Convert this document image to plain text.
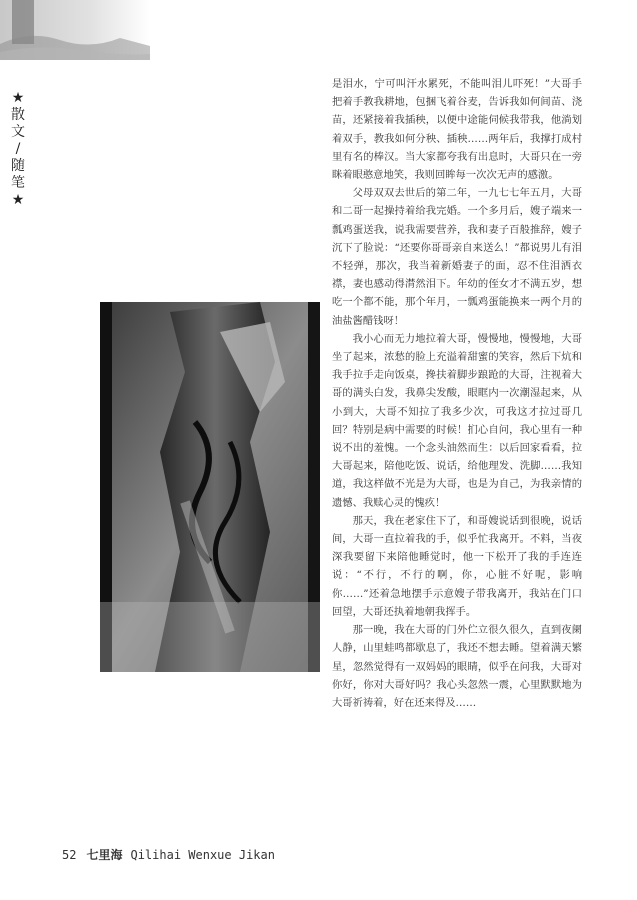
★
散
文
/
随
笔
★

是泪水，宁可叫汗水累死，不能叫泪儿吓死！”大哥手把着手教我耕地，包捆飞着谷麦，告诉我如何间苗、浇苗，还紧接着我插秧，以便中途能伺候我带我，他淌划着双手，教我如何分秧、插秧……两年后，我撑打成村里有名的棒汉。当大家都夸我有出息时，大哥只在一旁眯着眼憨意地笑，我则回眸每一次次无声的感激。

父母双双去世后的第二年，一九七七年五月，大哥和二哥一起操持着给我完婚。一个多月后，嫂子端来一瓢鸡蛋送我，说我需要营养，我和妻子百般推辞，嫂子沉下了脸说：“还要你哥哥亲自来送么！”都说男儿有泪不轻弹，那次，我当着新婚妻子的面，忍不住泪洒衣襟，妻也感动得潸然泪下。年幼的侄女才不满五岁，想吃一个都不能，那个年月，一瓢鸡蛋能换来一两个月的油盐酱醋钱呀！

我小心而无力地拉着大哥，慢慢地，慢慢地，大哥坐了起来，浓愁的脸上充溢着甜蜜的笑容，然后下炕和我手拉手走向饭桌，搀扶着脚步踉跄的大哥，注视着大哥的满头白发，我鼻尖发酸，眼眶内一次潮湿起来，从小到大，大哥不知拉了我多少次，可我这才拉过哥几回？特别是病中需要的时候！扪心自问，我心里有一种说不出的羞愧。一个念头油然而生：以后回家看看，拉大哥起来，陪他吃饭、说话，给他理发、洗脚……我知道，我这样做不光是为大哥，也是为自己，为我亲情的遗憾、我赎心灵的愧疚！

那天，我在老家住下了，和哥嫂说话到很晚，说话间，大哥一直拉着我的手，似乎忙我离开。不料，当夜深我要留下来陪他睡觉时，他一下松开了我的手连连说：“不行，不行的啊，你，心脏不好呢，影响你……”还着急地摆手示意嫂子带我离开，我站在门口回望，大哥还执着地朝我挥手。

那一晚，我在大哥的门外伫立很久很久，直到夜阑人静，山里蛙鸣都歇息了，我还不想去睡。望着满天繁星，忽然觉得有一双妈妈的眼睛，似乎在问我，大哥对你好，你对大哥好吗？我心头忽然一震，心里默默地为大哥祈祷着，好在还来得及……

52 七里海 Qilihai Wenxue Jikan
